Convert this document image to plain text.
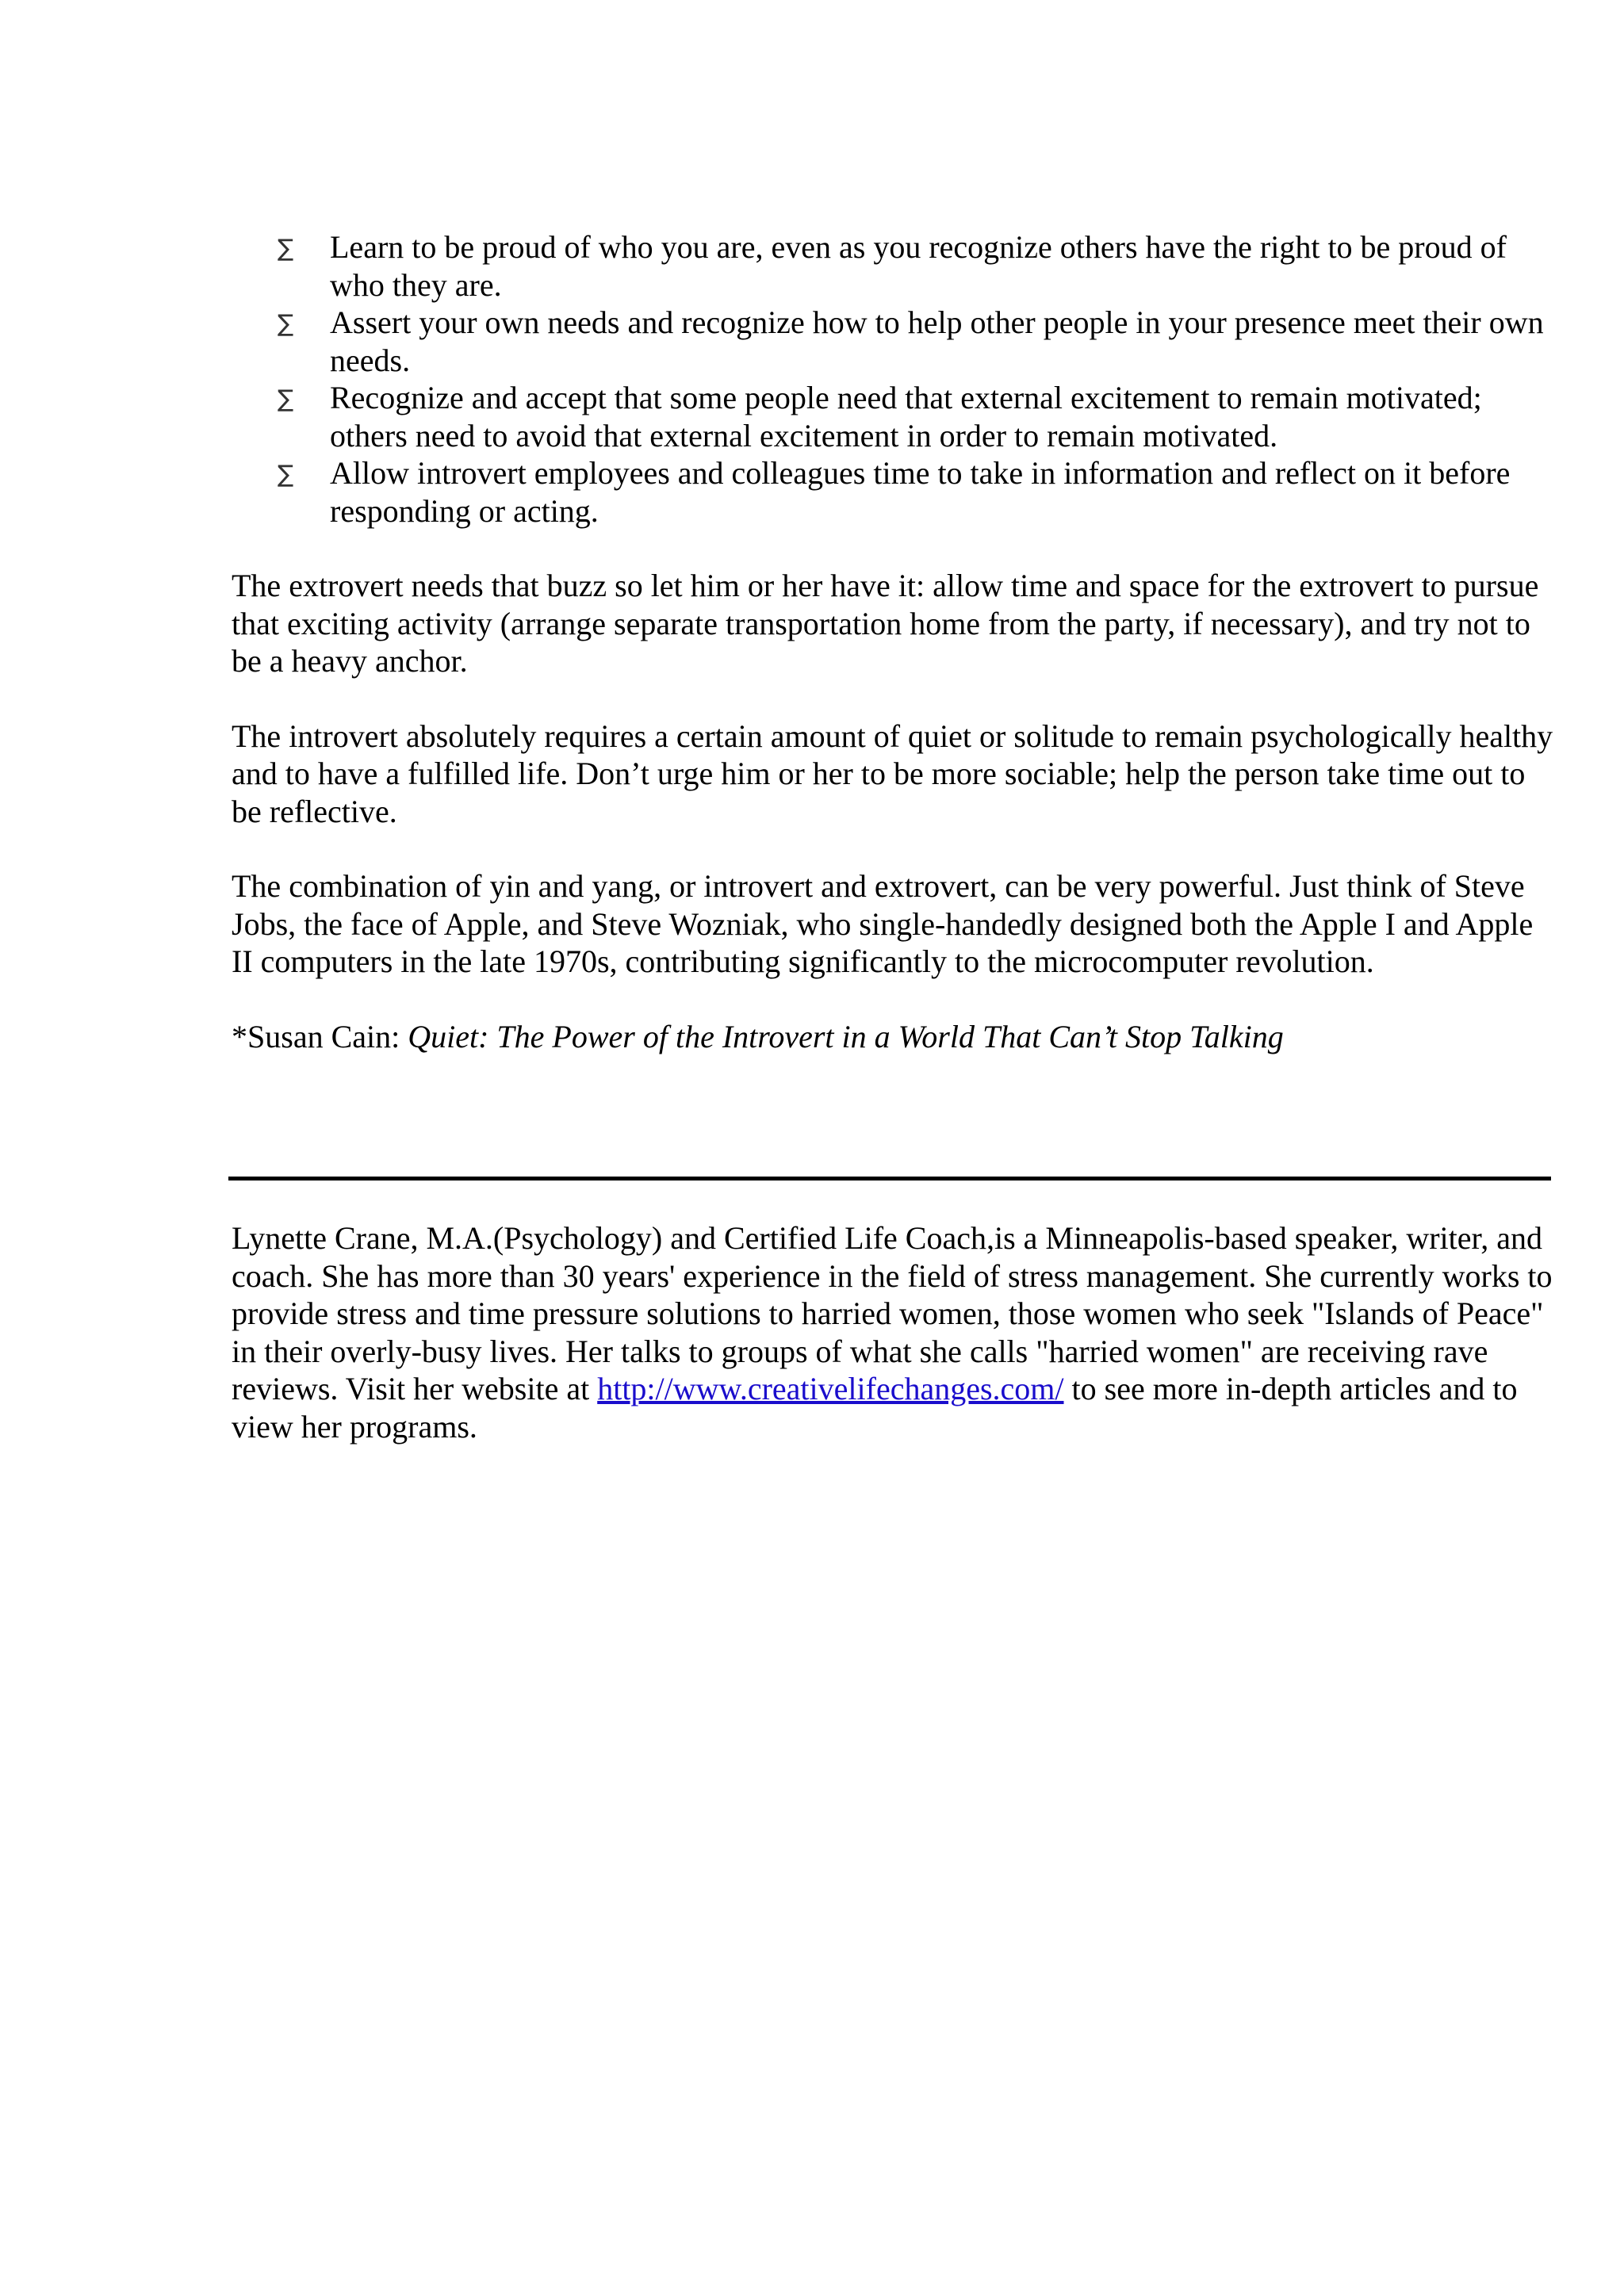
∑ Learn to be proud of who you are, even as you recognize others have the right to be proud of who they are.
∑ Assert your own needs and recognize how to help other people in your presence meet their own needs.
∑ Recognize and accept that some people need that external excitement to remain motivated; others need to avoid that external excitement in order to remain motivated.
∑ Allow introvert employees and colleagues time to take in information and reflect on it before responding or acting.

The extrovert needs that buzz so let him or her have it: allow time and space for the extrovert to pursue that exciting activity (arrange separate transportation home from the party, if necessary), and try not to be a heavy anchor.

The introvert absolutely requires a certain amount of quiet or solitude to remain psychologically healthy and to have a fulfilled life. Don’t urge him or her to be more sociable; help the person take time out to be reflective.

The combination of yin and yang, or introvert and extrovert, can be very powerful. Just think of Steve Jobs, the face of Apple, and Steve Wozniak, who single-handedly designed both the Apple I and Apple II computers in the late 1970s, contributing significantly to the microcomputer revolution.

*Susan Cain: Quiet: The Power of the Introvert in a World That Can’t Stop Talking

Lynette Crane, M.A.(Psychology) and Certified Life Coach,is a Minneapolis-based speaker, writer, and coach. She has more than 30 years' experience in the field of stress management. She currently works to provide stress and time pressure solutions to harried women, those women who seek "Islands of Peace" in their overly-busy lives. Her talks to groups of what she calls "harried women" are receiving rave reviews. Visit her website at http://www.creativelifechanges.com/ to see more in-depth articles and to view her programs.
